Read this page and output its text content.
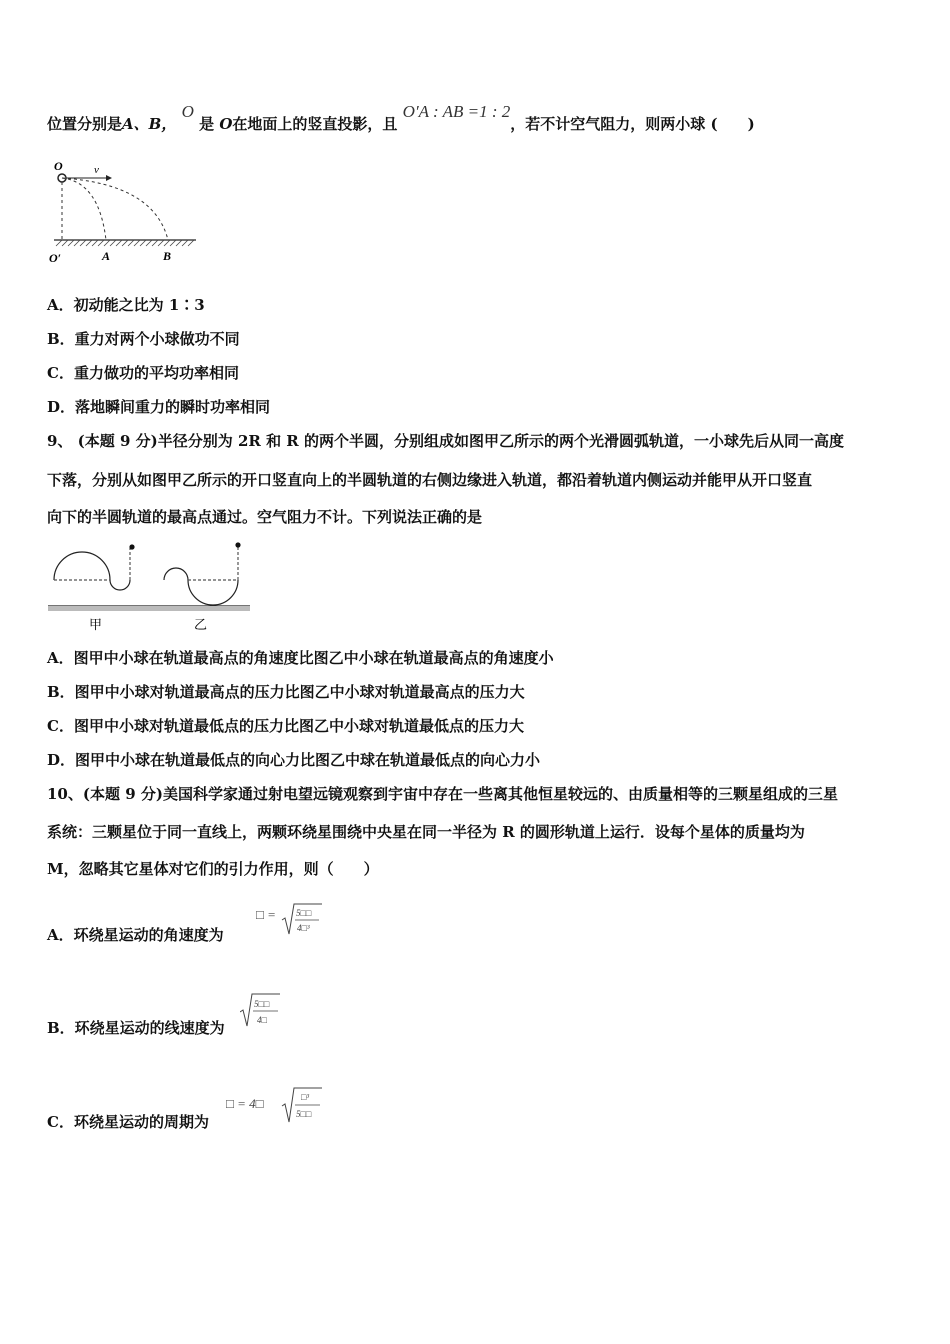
位置分别是A、B， O 是 O在地面上的竖直投影，且 O′A : AB =1 : 2，若不计空气阻力，则两小球 (　　)
O	v
O′	A	B
A．初动能之比为 1∶3
B．重力对两个小球做功不同
C．重力做功的平均功率相同
D．落地瞬间重力的瞬时功率相同
9、 (本题 9 分)半径分别为 2R 和 R 的两个半圆，分别组成如图甲乙所示的两个光滑圆弧轨道，一小球先后从同一高度
下落，分别从如图甲乙所示的开口竖直向上的半圆轨道的右侧边缘进入轨道，都沿着轨道内侧运动并能甲从开口竖直
向下的半圆轨道的最高点通过。空气阻力不计。下列说法正确的是
甲	乙
A．图甲中小球在轨道最高点的角速度比图乙中小球在轨道最高点的角速度小
B．图甲中小球对轨道最高点的压力比图乙中小球对轨道最高点的压力大
C．图甲中小球对轨道最低点的压力比图乙中小球对轨道最低点的压力大
D．图甲中小球在轨道最低点的向心力比图乙中球在轨道最低点的向心力小
10、(本题 9 分)美国科学家通过射电望远镜观察到宇宙中存在一些离其他恒星较远的、由质量相等的三颗星组成的三星
系统：三颗星位于同一直线上，两颗环绕星围绕中央星在同一半径为 R 的圆形轨道上运行．设每个星体的质量均为
M，忽略其它星体对它们的引力作用，则（　　）
A．环绕星运动的角速度为
□ = 5□□
4□³
B．环绕星运动的线速度为
5□□
4□
C．环绕星运动的周期为
□ = 4□	□³
5□□
